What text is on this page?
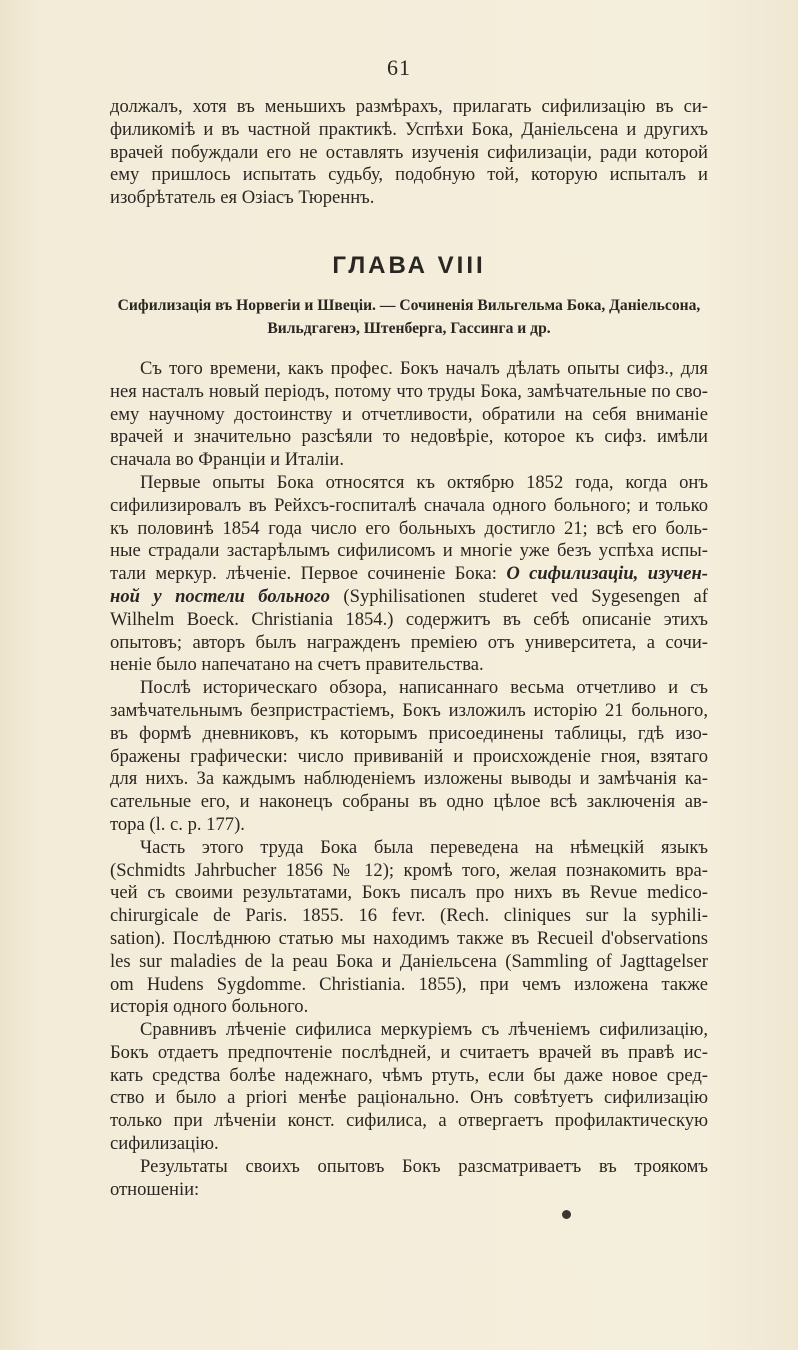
61
должалъ, хотя въ меньшихъ размѣрахъ, прилагать сифилизацію въ си-
филикоміѣ и въ частной практикѣ. Успѣхи Бока, Даніельсена и другихъ
врачей побуждали его не оставлять изученія сифилизаціи, ради которой
ему пришлось испытать судьбу, подобную той, которую испыталъ и
изобрѣтатель ея Озіасъ Тюреннъ.
ГЛАВА VIII
Сифилизація въ Норвегіи и Швеціи. — Сочиненія Вильгельма Бока, Даніельсона,
Вильдгагенэ, Штенберга, Гассинга и др.
Съ того времени, какъ профес. Бокъ началъ дѣлать опыты сифз., для
нея насталъ новый періодъ, потому что труды Бока, замѣчательные по сво-
ему научному достоинству и отчетливости, обратили на себя вниманіе
врачей и значительно разсѣяли то недовѣріе, которое къ сифз. имѣли
сначала во Франціи и Италіи.
Первые опыты Бока относятся къ октябрю 1852 года, когда онъ
сифилизировалъ въ Рейхсъ-госпиталѣ сначала одного больного; и только
къ половинѣ 1854 года число его больныхъ достигло 21; всѣ его боль-
ные страдали застарѣлымъ сифилисомъ и многіе уже безъ успѣха испы-
тали меркур. лѣченіе. Первое сочиненіе Бока: О сифилизаціи, изучен-
ной у постели больного (Syphilisationen studeret ved Sygesengen af
Wilhelm Boeck. Christiania 1854.) содержитъ въ себѣ описаніе этихъ
опытовъ; авторъ былъ награжденъ преміею отъ университета, а сочи-
неніе было напечатано на счетъ правительства.
Послѣ историческаго обзора, написаннаго весьма отчетливо и съ
замѣчательнымъ безпристрастіемъ, Бокъ изложилъ исторію 21 больного,
въ формѣ дневниковъ, къ которымъ присоединены таблицы, гдѣ изо-
бражены графически: число прививаній и происхожденіе гноя, взятаго
для нихъ. За каждымъ наблюденіемъ изложены выводы и замѣчанія ка-
сательные его, и наконецъ собраны въ одно цѣлое всѣ заключенія ав-
тора (l. c. p. 177).
Часть этого труда Бока была переведена на нѣмецкій языкъ
(Schmidts Jahrbucher 1856 № 12); кромѣ того, желая познакомить вра-
чей съ своими результатами, Бокъ писалъ про нихъ въ Revue medico-
chirurgicale de Paris. 1855. 16 fevr. (Rech. cliniques sur la syphili-
sation). Послѣднюю статью мы находимъ также въ Recueil d'observations
les sur maladies de la peau Бока и Даніельсена (Sammling of Jagttagelser
om Hudens Sygdomme. Christiania. 1855), при чемъ изложена также
исторія одного больного.
Сравнивъ лѣченіе сифилиса меркуріемъ съ лѣченіемъ сифилизацію,
Бокъ отдаетъ предпочтеніе послѣдней, и считаетъ врачей въ правѣ ис-
кать средства болѣе надежнаго, чѣмъ ртуть, если бы даже новое сред-
ство и было а priori менѣе раціонально. Онъ совѣтуетъ сифилизацію
только при лѣченіи конст. сифилиса, а отвергаетъ профилактическую
сифилизацію.
Результаты своихъ опытовъ Бокъ разсматриваетъ въ троякомъ
отношеніи:
